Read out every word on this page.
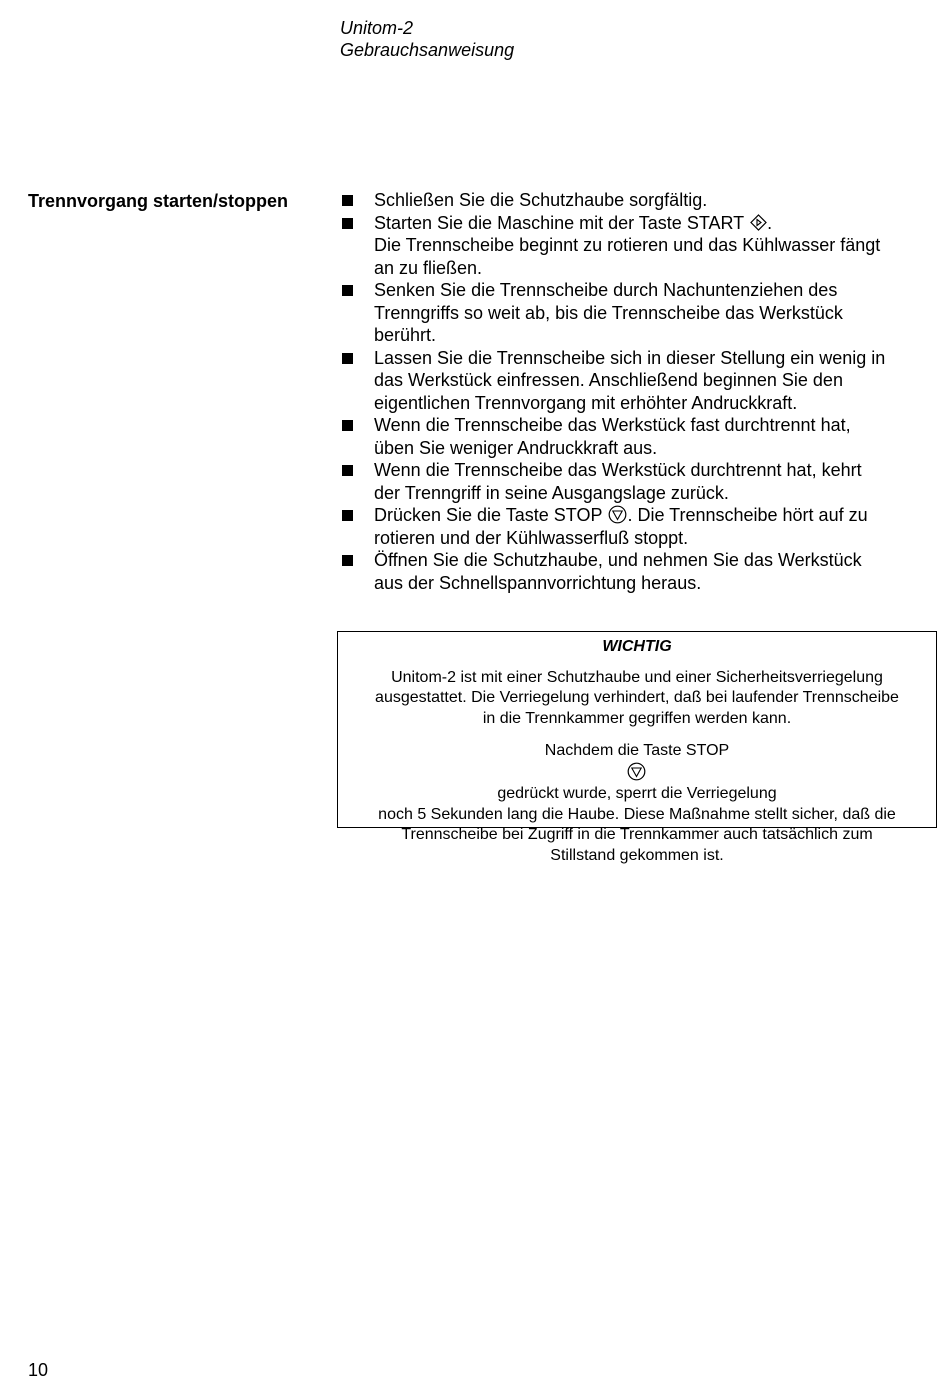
Unitom-2
Gebrauchsanweisung
Trennvorgang starten/stoppen	Schließen Sie die Schutzhaube sorgfältig.
Starten Sie die Maschine mit der Taste START .
Die Trennscheibe beginnt zu rotieren und das Kühlwasser fängt
an zu fließen.
Senken Sie die Trennscheibe durch Nachuntenziehen des
Trenngriffs so weit ab, bis die Trennscheibe das Werkstück
berührt.
Lassen Sie die Trennscheibe sich in dieser Stellung ein wenig in
das Werkstück einfressen. Anschließend beginnen Sie den
eigentlichen Trennvorgang mit erhöhter Andruckkraft.
Wenn die Trennscheibe das Werkstück fast durchtrennt hat,
üben Sie weniger Andruckkraft aus.
Wenn die Trennscheibe das Werkstück durchtrennt hat, kehrt
der Trenngriff in seine Ausgangslage zurück.
Drücken Sie die Taste STOP . Die Trennscheibe hört auf zu
rotieren und der Kühlwasserfluß stoppt.
Öffnen Sie die Schutzhaube, und nehmen Sie das Werkstück
aus der Schnellspannvorrichtung heraus.
WICHTIG
Unitom-2 ist mit einer Schutzhaube und einer Sicherheitsverriegelung
ausgestattet. Die Verriegelung verhindert, daß bei laufender Trennscheibe
in die Trennkammer gegriffen werden kann.
Nachdem die Taste STOP
gedrückt wurde, sperrt die Verriegelung
noch 5 Sekunden lang die Haube. Diese Maßnahme stellt sicher, daß die
Trennscheibe bei Zugriff in die Trennkammer auch tatsächlich zum
Stillstand gekommen ist.
10
